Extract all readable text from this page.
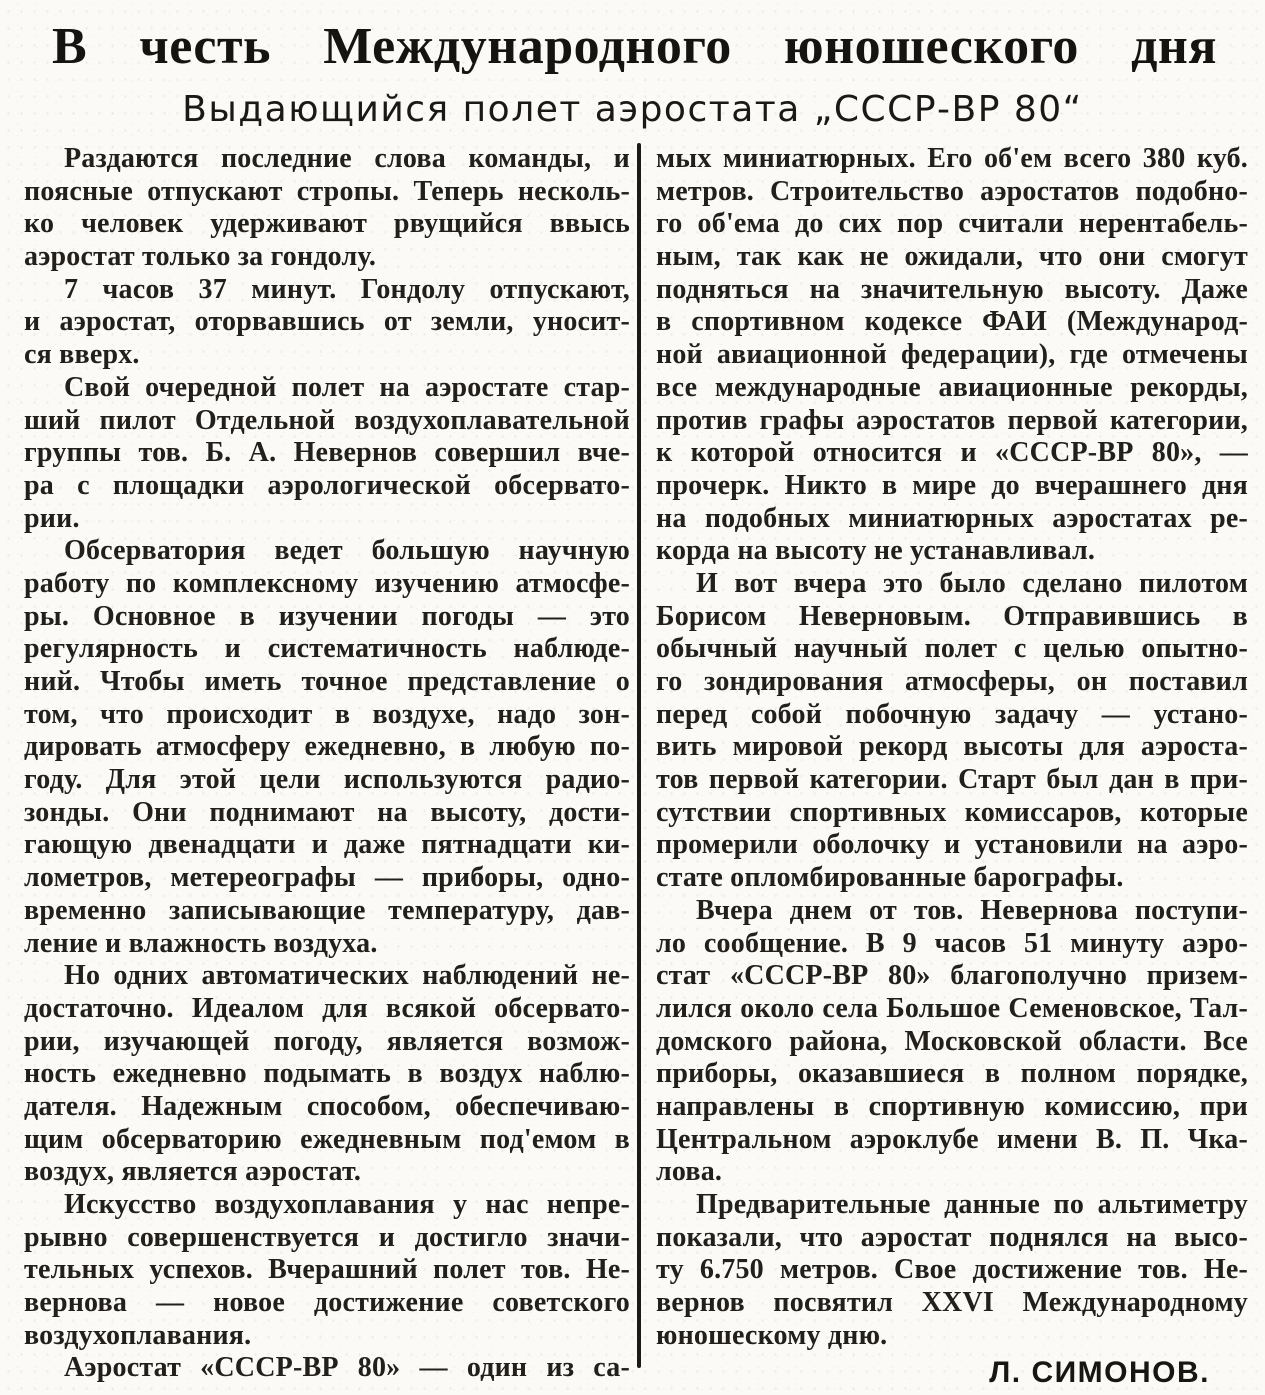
В честь Международного юношеского дня
Выдающийся полет аэростата „СССР-ВР 80“
Раздаются последние слова команды, и
поясные отпускают стропы. Теперь несколь-
ко человек удерживают рвущийся ввысь
аэростат только за гондолу.
7 часов 37 минут. Гондолу отпускают,
и аэростат, оторвавшись от земли, уносит-
ся вверх.
Свой очередной полет на аэростате стар-
ший пилот Отдельной воздухоплавательной
группы тов. Б. А. Невернов совершил вче-
ра с площадки аэрологической обсервато-
рии.
Обсерватория ведет большую научную
работу по комплексному изучению атмосфе-
ры. Основное в изучении погоды — это
регулярность и систематичность наблюде-
ний. Чтобы иметь точное представление о
том, что происходит в воздухе, надо зон-
дировать атмосферу ежедневно, в любую по-
году. Для этой цели используются радио-
зонды. Они поднимают на высоту, дости-
гающую двенадцати и даже пятнадцати ки-
лометров, метереографы — приборы, одно-
временно записывающие температуру, дав-
ление и влажность воздуха.
Но одних автоматических наблюдений не-
достаточно. Идеалом для всякой обсервато-
рии, изучающей погоду, является возмож-
ность ежедневно подымать в воздух наблю-
дателя. Надежным способом, обеспечиваю-
щим обсерваторию ежедневным под'емом в
воздух, является аэростат.
Искусство воздухоплавания у нас непре-
рывно совершенствуется и достигло значи-
тельных успехов. Вчерашний полет тов. Не-
вернова — новое достижение советского
воздухоплавания.
Аэростат «СССР-ВР 80» — один из са-
мых миниатюрных. Его об'ем всего 380 куб.
метров. Строительство аэростатов подобно-
го об'ема до сих пор считали нерентабель-
ным, так как не ожидали, что они смогут
подняться на значительную высоту. Даже
в спортивном кодексе ФАИ (Международ-
ной авиационной федерации), где отмечены
все международные авиационные рекорды,
против графы аэростатов первой категории,
к которой относится и «СССР-ВР 80», —
прочерк. Никто в мире до вчерашнего дня
на подобных миниатюрных аэростатах ре-
корда на высоту не устанавливал.
И вот вчера это было сделано пилотом
Борисом Неверновым. Отправившись в
обычный научный полет с целью опытно-
го зондирования атмосферы, он поставил
перед собой побочную задачу — устано-
вить мировой рекорд высоты для аэроста-
тов первой категории. Старт был дан в при-
сутствии спортивных комиссаров, которые
промерили оболочку и установили на аэро-
стате опломбированные барографы.
Вчера днем от тов. Невернова поступи-
ло сообщение. В 9 часов 51 минуту аэро-
стат «СССР-ВР 80» благополучно призем-
лился около села Большое Семеновское, Тал-
домского района, Московской области. Все
приборы, оказавшиеся в полном порядке,
направлены в спортивную комиссию, при
Центральном аэроклубе имени В. П. Чка-
лова.
Предварительные данные по альтиметру
показали, что аэростат поднялся на высо-
ту 6.750 метров. Свое достижение тов. Не-
вернов посвятил XXVI Международному
юношескому дню.
Л. СИМОНОВ.
